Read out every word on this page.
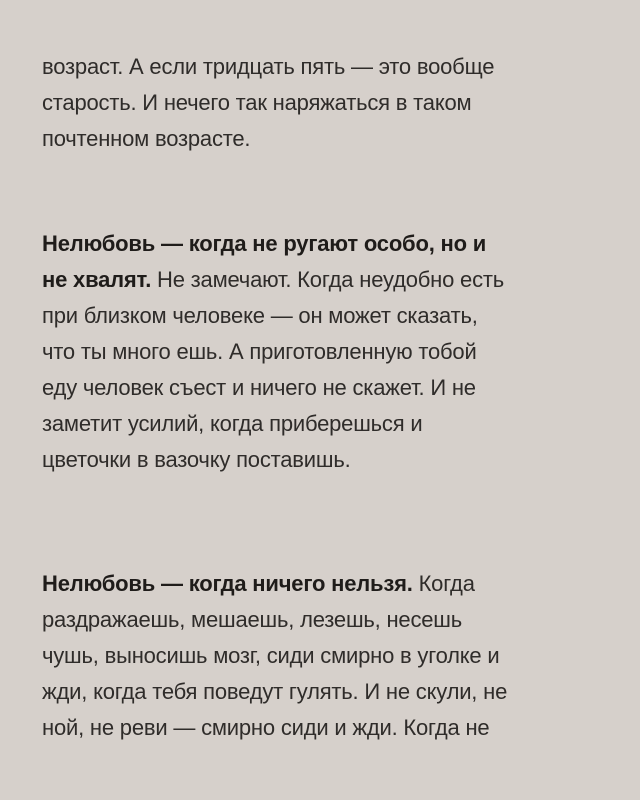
возраст. А если тридцать пять — это вообще
старость. И нечего так наряжаться в таком
почтенном возрасте.

Нелюбовь — когда не ругают особо, но и
не хвалят. Не замечают. Когда неудобно есть
при близком человеке — он может сказать,
что ты много ешь. А приготовленную тобой
еду человек съест и ничего не скажет. И не
заметит усилий, когда приберешься и
цветочки в вазочку поставишь.

Нелюбовь — когда ничего нельзя. Когда
раздражаешь, мешаешь, лезешь, несешь
чушь, выносишь мозг, сиди смирно в уголке и
жди, когда тебя поведут гулять. И не скули, не
ной, не реви — смирно сиди и жди. Когда не
